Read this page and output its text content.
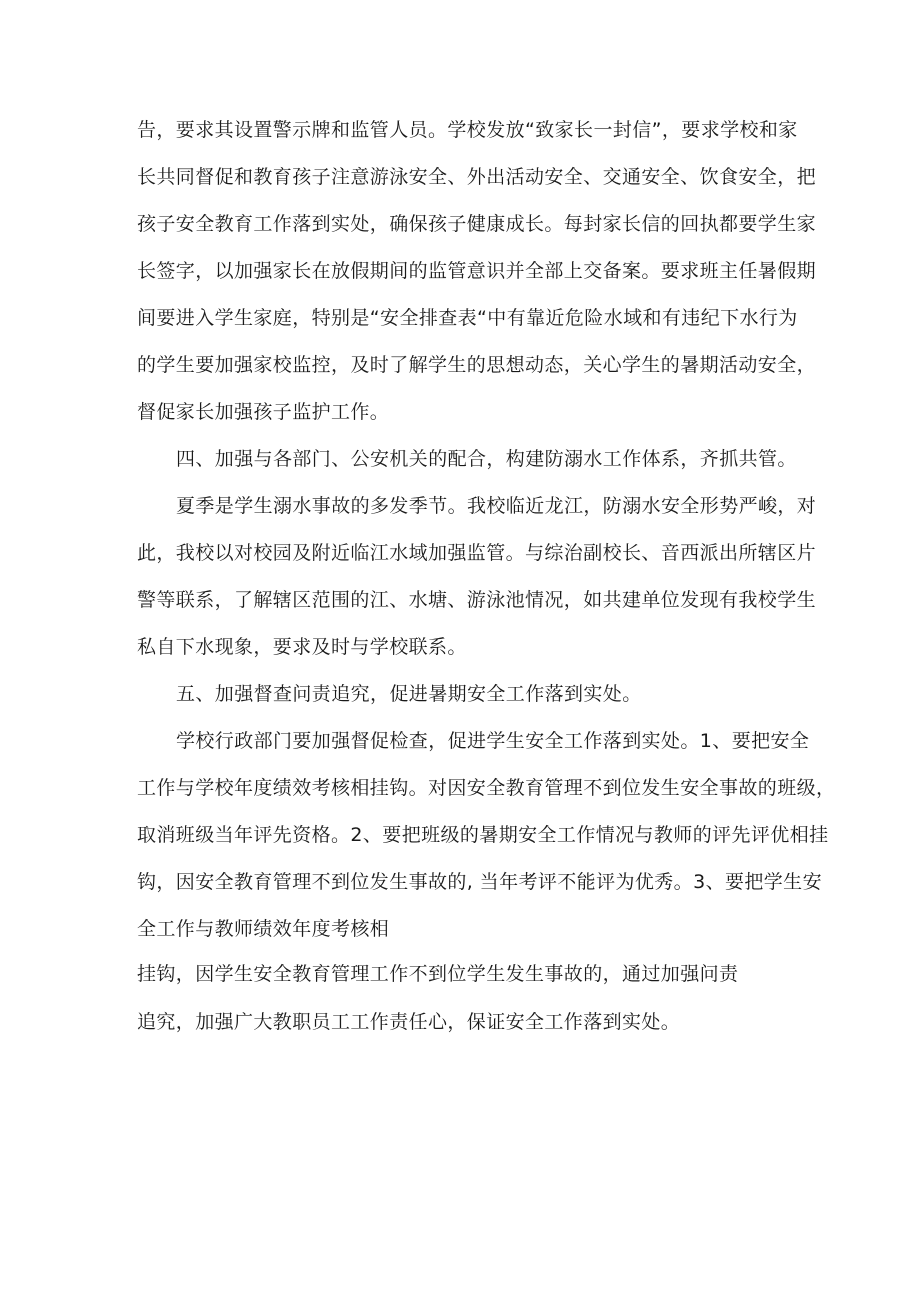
告，要求其设置警示牌和监管人员。学校发放“致家长一封信”，要求学校和家
长共同督促和教育孩子注意游泳安全、外出活动安全、交通安全、饮食安全，把
孩子安全教育工作落到实处，确保孩子健康成长。每封家长信的回执都要学生家
长签字，以加强家长在放假期间的监管意识并全部上交备案。要求班主任暑假期
间要进入学生家庭，特别是“安全排查表“中有靠近危险水域和有违纪下水行为
的学生要加强家校监控，及时了解学生的思想动态，关心学生的暑期活动安全，
督促家长加强孩子监护工作。
四、加强与各部门、公安机关的配合，构建防溺水工作体系，齐抓共管。
夏季是学生溺水事故的多发季节。我校临近龙江，防溺水安全形势严峻，对
此，我校以对校园及附近临江水域加强监管。与综治副校长、音西派出所辖区片
警等联系，了解辖区范围的江、水塘、游泳池情况，如共建单位发现有我校学生
私自下水现象，要求及时与学校联系。
五、加强督查问责追究，促进暑期安全工作落到实处。
学校行政部门要加强督促检查，促进学生安全工作落到实处。1、要把安全
工作与学校年度绩效考核相挂钩。对因安全教育管理不到位发生安全事故的班级，
取消班级当年评先资格。2、要把班级的暑期安全工作情况与教师的评先评优相挂
钩，因安全教育管理不到位发生事故的, 当年考评不能评为优秀。3、要把学生安
全工作与教师绩效年度考核相
挂钩，因学生安全教育管理工作不到位学生发生事故的，通过加强问责
追究，加强广大教职员工工作责任心，保证安全工作落到实处。
